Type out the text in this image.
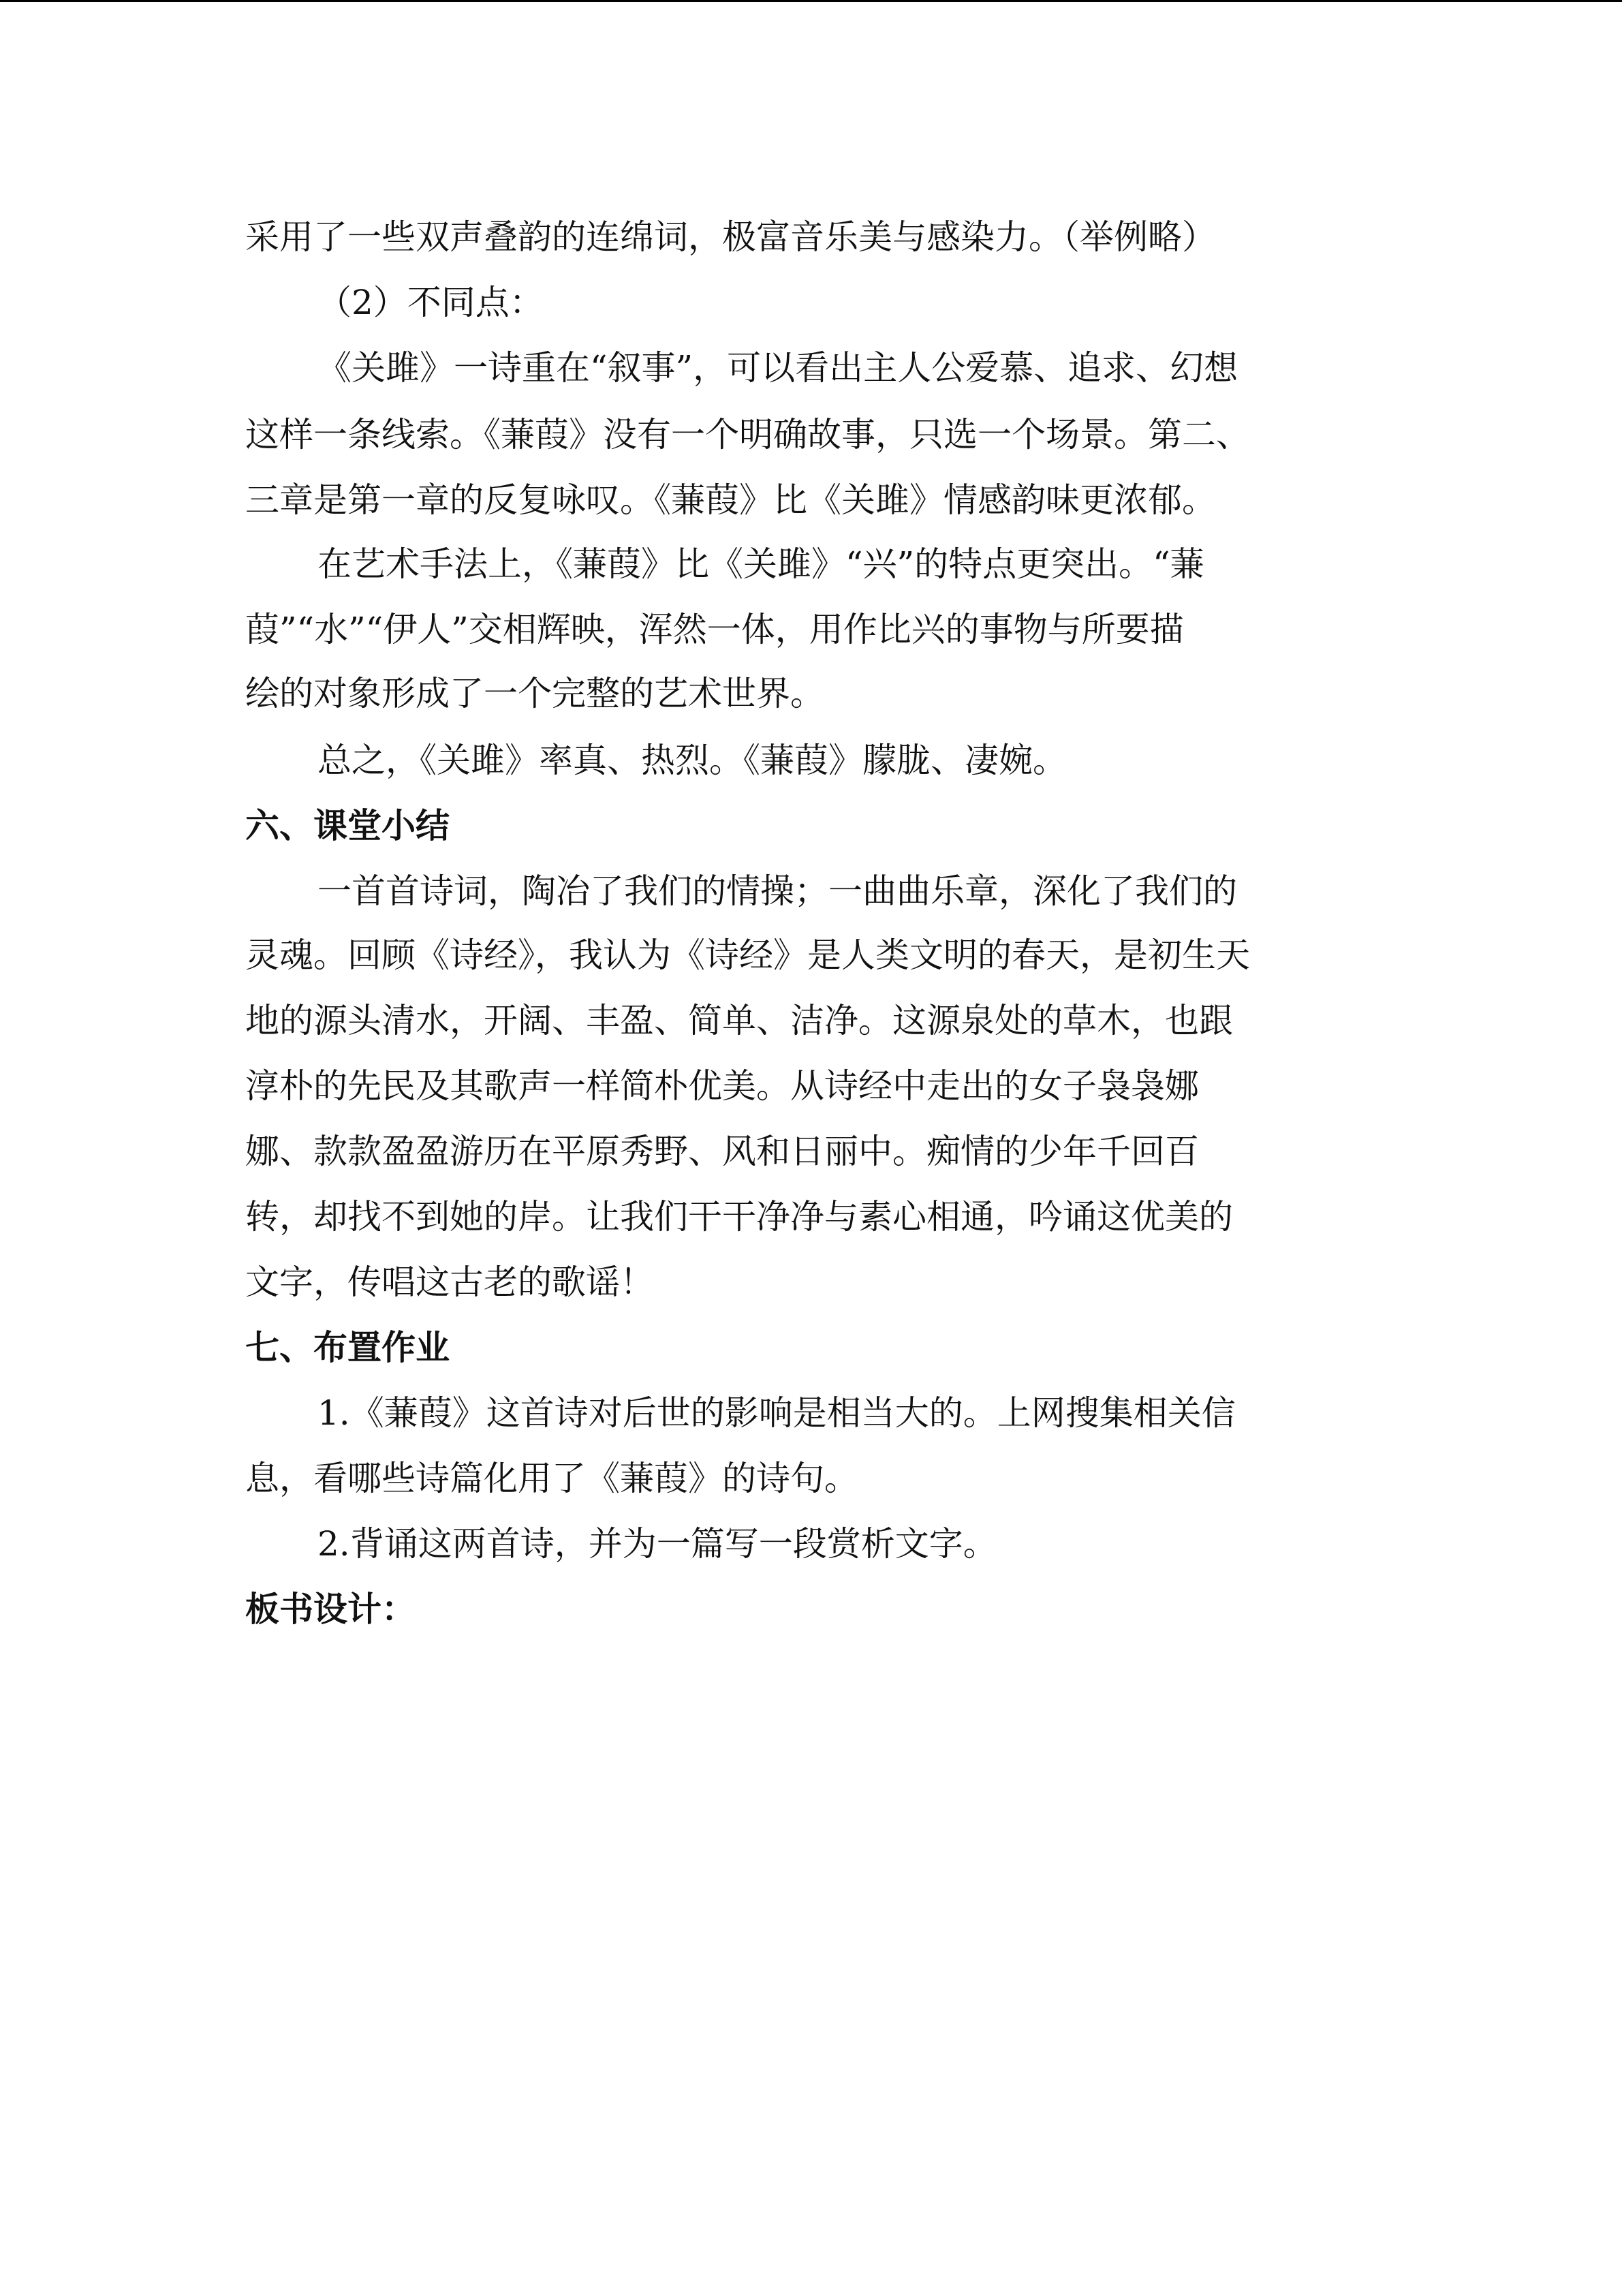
采用了一些双声叠韵的连绵词，极富音乐美与感染力。（举例略）
（2）不同点：
《关雎》一诗重在“叙事”，可以看出主人公爱慕、追求、幻想
这样一条线索。《蒹葭》没有一个明确故事，只选一个场景。第二、
三章是第一章的反复咏叹。《蒹葭》比《关雎》情感韵味更浓郁。
在艺术手法上，《蒹葭》比《关雎》“兴”的特点更突出。“蒹
葭”“水”“伊人”交相辉映，浑然一体，用作比兴的事物与所要描
绘的对象形成了一个完整的艺术世界。
总之，《关雎》率真、热烈。《蒹葭》朦胧、凄婉。
六、课堂小结
一首首诗词，陶冶了我们的情操；一曲曲乐章，深化了我们的
灵魂。回顾《诗经》，我认为《诗经》是人类文明的春天，是初生天
地的源头清水，开阔、丰盈、简单、洁净。这源泉处的草木，也跟
淳朴的先民及其歌声一样简朴优美。从诗经中走出的女子袅袅娜
娜、款款盈盈游历在平原秀野、风和日丽中。痴情的少年千回百
转，却找不到她的岸。让我们干干净净与素心相通，吟诵这优美的
文字，传唱这古老的歌谣！
七、布置作业
1.《蒹葭》这首诗对后世的影响是相当大的。上网搜集相关信
息，看哪些诗篇化用了《蒹葭》的诗句。
2.背诵这两首诗，并为一篇写一段赏析文字。
板书设计：
